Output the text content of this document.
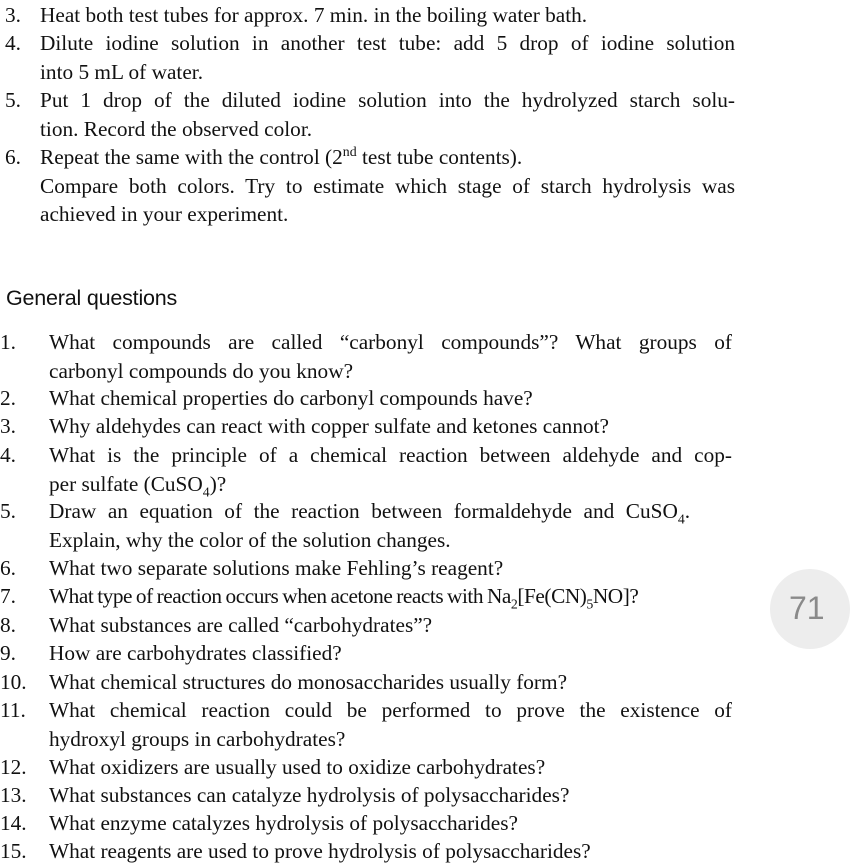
3. Heat both test tubes for approx. 7 min. in the boiling water bath.
4. Dilute iodine solution in another test tube: add 5 drop of iodine solution
into 5 mL of water.
5. Put 1 drop of the diluted iodine solution into the hydrolyzed starch solu-
tion. Record the observed color.
6. Repeat the same with the control (2nd test tube contents).
Compare both colors. Try to estimate which stage of starch hydrolysis was
achieved in your experiment.
General questions
1.	What compounds are called “carbonyl compounds”? What groups of
carbonyl compounds do you know?
2.	What chemical properties do carbonyl compounds have?
3.	Why aldehydes can react with copper sulfate and ketones cannot?
4.	What is the principle of a chemical reaction between aldehyde and cop-
per sulfate (CuSO$_4$)?
5.	Draw an equation of the reaction between formaldehyde and CuSO$_4$.
Explain, why the color of the solution changes.
6.	What two separate solutions make Fehling’s reagent?
7.	What type of reaction occurs when acetone reacts with $Na_2[Fe(CN)_5NO]$?
8.	What substances are called “carbohydrates”?
9.	How are carbohydrates classified?
10.	What chemical structures do monosaccharides usually form?
11.	What chemical reaction could be performed to prove the existence of
hydroxyl groups in carbohydrates?
12.	What oxidizers are usually used to oxidize carbohydrates?
13.	What substances can catalyze hydrolysis of polysaccharides?
14.	What enzyme catalyzes hydrolysis of polysaccharides?
15.	What reagents are used to prove hydrolysis of polysaccharides?
71
